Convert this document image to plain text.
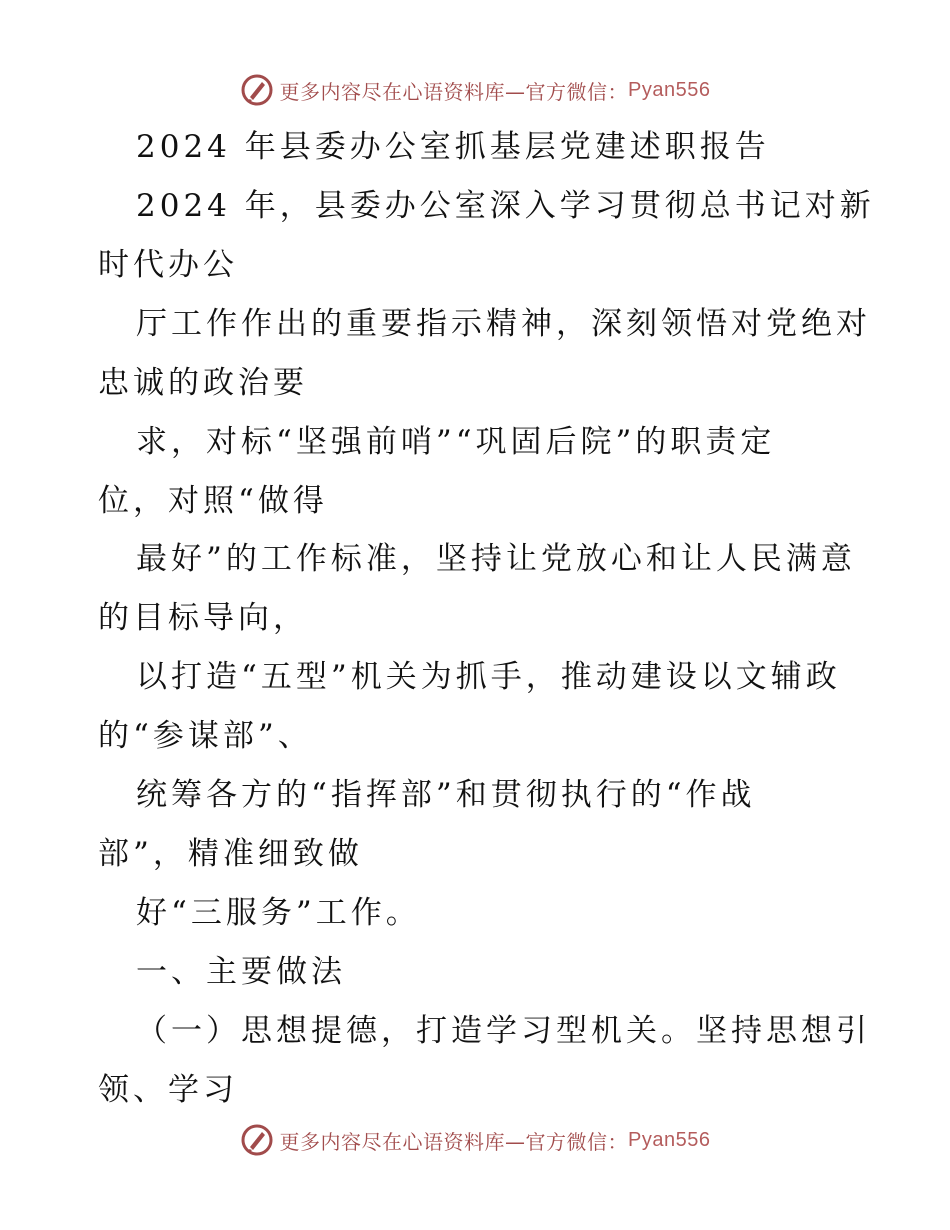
更多内容尽在心语资料库—官方微信： Pyan556
2024 年县委办公室抓基层党建述职报告
2024 年，县委办公室深入学习贯彻总书记对新
时代办公
厅工作作出的重要指示精神，深刻领悟对党绝对
忠诚的政治要
求，对标“坚强前哨”“巩固后院”的职责定
位，对照“做得
最好”的工作标准，坚持让党放心和让人民满意
的目标导向，
以打造“五型”机关为抓手，推动建设以文辅政
的“参谋部”、
统筹各方的“指挥部”和贯彻执行的“作战
部”，精准细致做
好“三服务”工作。
一、主要做法
（一）思想提德，打造学习型机关。坚持思想引
领、学习
更多内容尽在心语资料库—官方微信： Pyan556
